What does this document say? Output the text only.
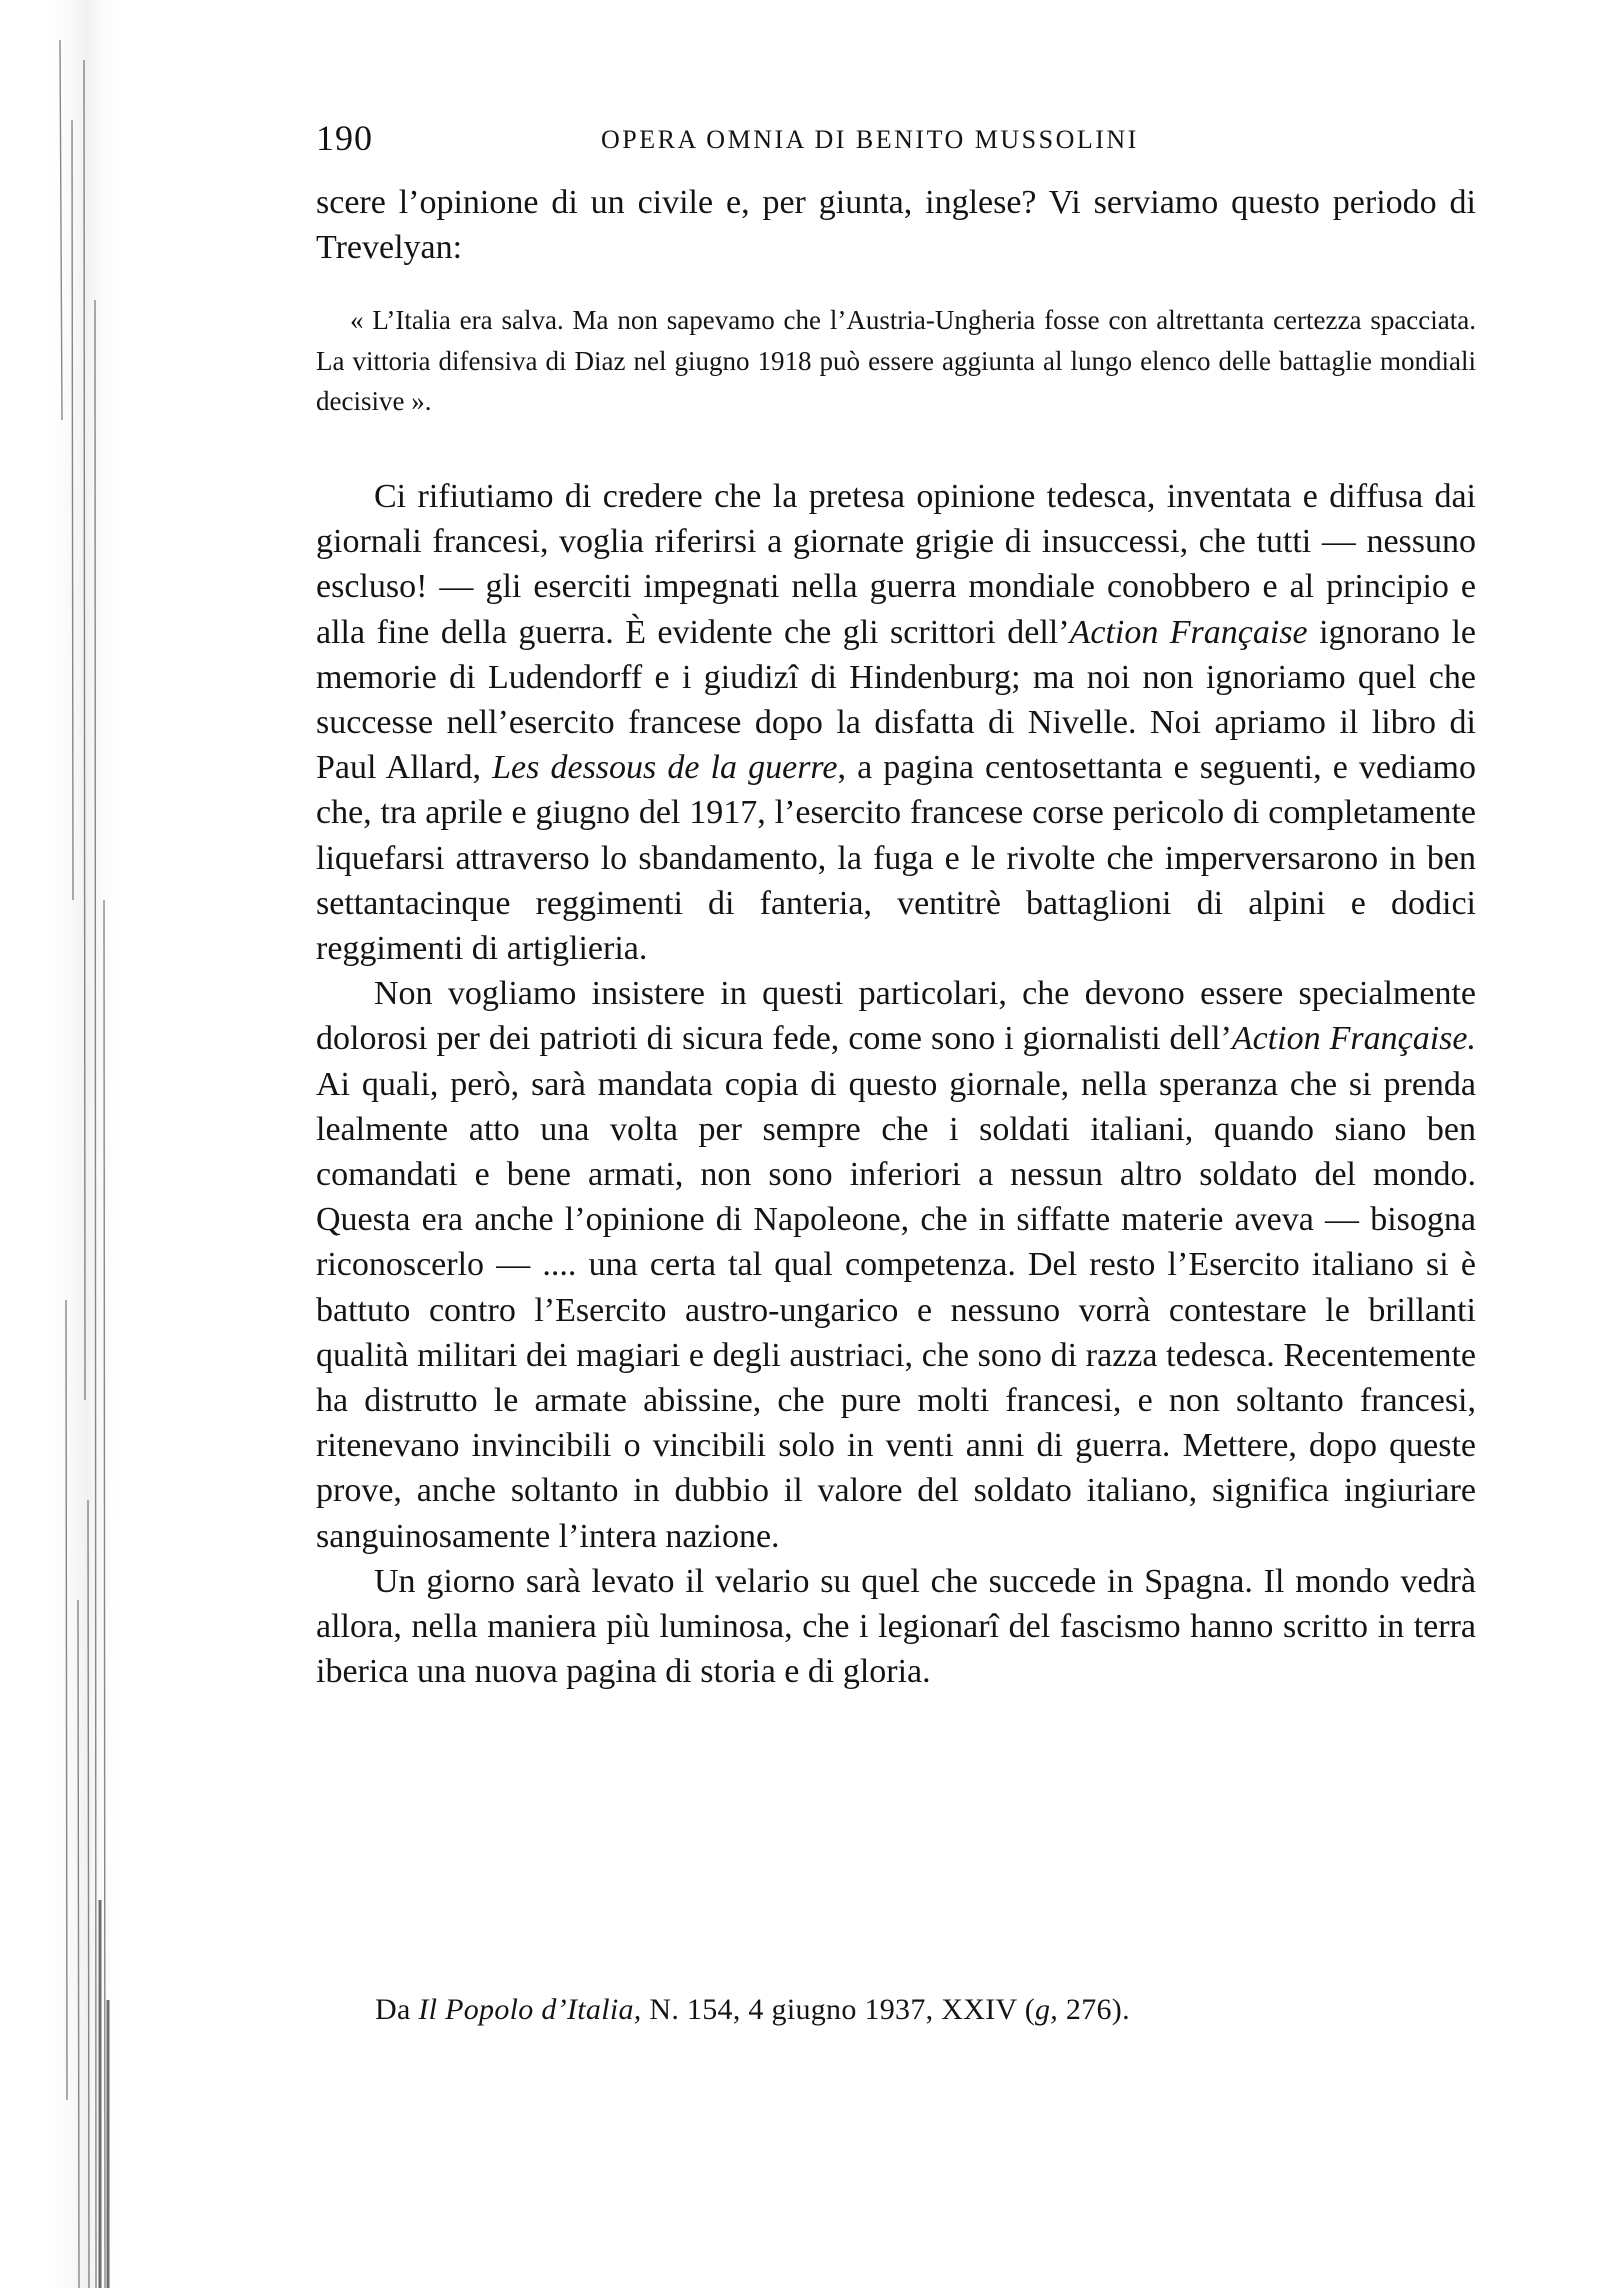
190	OPERA OMNIA DI BENITO MUSSOLINI

scere l’opinione di un civile e, per giunta, inglese? Vi serviamo questo periodo di Trevelyan:

« L’Italia era salva. Ma non sapevamo che l’Austria-Ungheria fosse con altrettanta certezza spacciata. La vittoria difensiva di Diaz nel giugno 1918 può essere aggiunta al lungo elenco delle battaglie mondiali decisive ».

Ci rifiutiamo di credere che la pretesa opinione tedesca, inventata e diffusa dai giornali francesi, voglia riferirsi a giornate grigie di insuccessi, che tutti — nessuno escluso! — gli eserciti impegnati nella guerra mondiale conobbero e al principio e alla fine della guerra. È evidente che gli scrittori dell’Action Française ignorano le memorie di Ludendorff e i giudizî di Hindenburg; ma noi non ignoriamo quel che successe nell’esercito francese dopo la disfatta di Nivelle. Noi apriamo il libro di Paul Allard, Les dessous de la guerre, a pagina centosettanta e seguenti, e vediamo che, tra aprile e giugno del 1917, l’esercito francese corse pericolo di completamente liquefarsi attraverso lo sbandamento, la fuga e le rivolte che imperversarono in ben settantacinque reggimenti di fanteria, ventitrè battaglioni di alpini e dodici reggimenti di artiglieria.

Non vogliamo insistere in questi particolari, che devono essere specialmente dolorosi per dei patrioti di sicura fede, come sono i giornalisti dell’Action Française. Ai quali, però, sarà mandata copia di questo giornale, nella speranza che si prenda lealmente atto una volta per sempre che i soldati italiani, quando siano ben comandati e bene armati, non sono inferiori a nessun altro soldato del mondo. Questa era anche l’opinione di Napoleone, che in siffatte materie aveva — bisogna riconoscerlo — .... una certa tal qual competenza. Del resto l’Esercito italiano si è battuto contro l’Esercito austro-ungarico e nessuno vorrà contestare le brillanti qualità militari dei magiari e degli austriaci, che sono di razza tedesca. Recentemente ha distrutto le armate abissine, che pure molti francesi, e non soltanto francesi, ritenevano invincibili o vincibili solo in venti anni di guerra. Mettere, dopo queste prove, anche soltanto in dubbio il valore del soldato italiano, significa ingiuriare sanguinosamente l’intera nazione.

Un giorno sarà levato il velario su quel che succede in Spagna. Il mondo vedrà allora, nella maniera più luminosa, che i legionarî del fascismo hanno scritto in terra iberica una nuova pagina di storia e di gloria.

Da Il Popolo d’Italia, N. 154, 4 giugno 1937, XXIV (g, 276).
